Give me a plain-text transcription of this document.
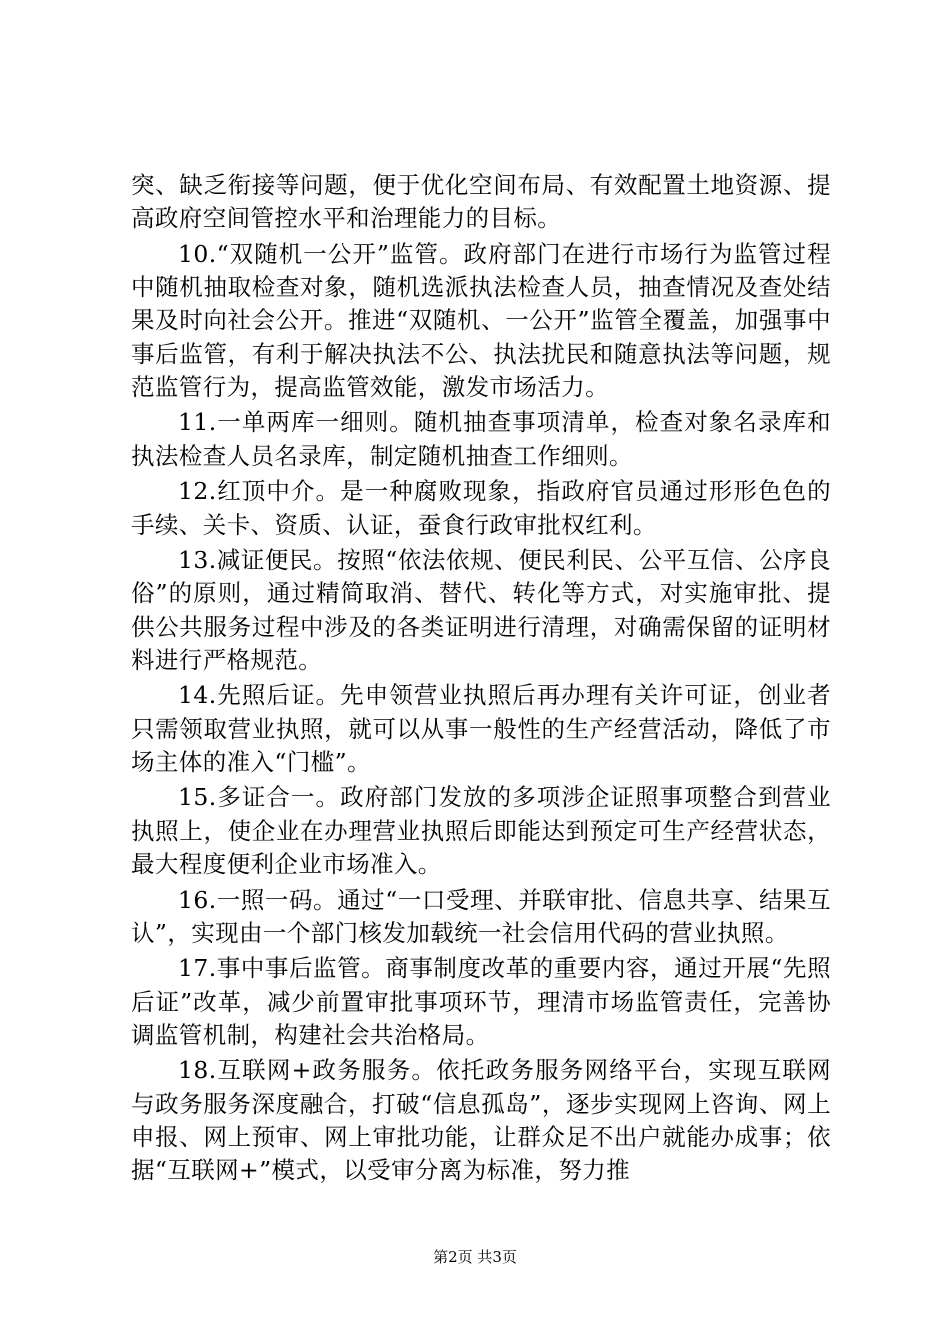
突、缺乏衔接等问题，便于优化空间布局、有效配置土地资源、提高政府空间管控水平和治理能力的目标。

10.“双随机一公开”监管。政府部门在进行市场行为监管过程中随机抽取检查对象，随机选派执法检查人员，抽查情况及查处结果及时向社会公开。推进“双随机、一公开”监管全覆盖，加强事中事后监管，有利于解决执法不公、执法扰民和随意执法等问题，规范监管行为，提高监管效能，激发市场活力。

11.一单两库一细则。随机抽查事项清单，检查对象名录库和执法检查人员名录库，制定随机抽查工作细则。

12.红顶中介。是一种腐败现象，指政府官员通过形形色色的手续、关卡、资质、认证，蚕食行政审批权红利。

13.减证便民。按照“依法依规、便民利民、公平互信、公序良俗”的原则，通过精简取消、替代、转化等方式，对实施审批、提供公共服务过程中涉及的各类证明进行清理，对确需保留的证明材料进行严格规范。

14.先照后证。先申领营业执照后再办理有关许可证，创业者只需领取营业执照，就可以从事一般性的生产经营活动，降低了市场主体的准入“门槛”。

15.多证合一。政府部门发放的多项涉企证照事项整合到营业执照上，使企业在办理营业执照后即能达到预定可生产经营状态，最大程度便利企业市场准入。

16.一照一码。通过“一口受理、并联审批、信息共享、结果互认”，实现由一个部门核发加载统一社会信用代码的营业执照。

17.事中事后监管。商事制度改革的重要内容，通过开展“先照后证”改革，减少前置审批事项环节，理清市场监管责任，完善协调监管机制，构建社会共治格局。

18.互联网+政务服务。依托政务服务网络平台，实现互联网与政务服务深度融合，打破“信息孤岛”，逐步实现网上咨询、网上申报、网上预审、网上审批功能，让群众足不出户就能办成事；依据“互联网+”模式，以受审分离为标准，努力推

第2页 共3页
